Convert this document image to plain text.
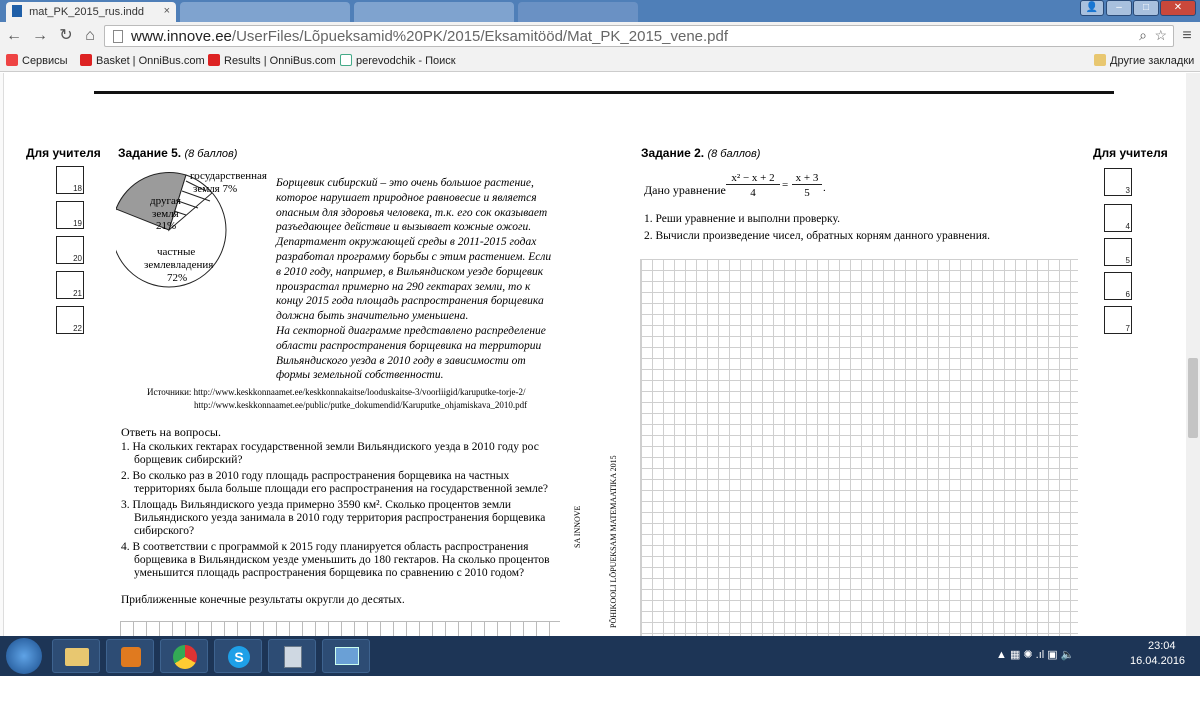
mat_PK_2015_rus.indd ×	👤	–	□	✕
← → ↻ ⌂	www.innove.ee/UserFiles/Lõpueksamid%20PK/2015/Eksamitööd/Mat_PK_2015_vene.pdf	⌕ ☆ ≡
Сервисы	Basket | OnniBus.com	Results | OnniBus.com	perevodchik - Поиск	Другие закладки
Для учителя Задание 5. (8 баллов)
18
19
20
21
22
государственная
земля 7%
другая
земля
21%
частные
землевладения
72%
Борщевик сибирский – это очень большое растение,
которое нарушает природное равновесие и является
опасным для здоровья человека, т.к. его сок оказывает
разъедающее действие и вызывает кожные ожоги.
Департамент окружающей среды в 2011-2015 годах
разработал программу борьбы с этим растением. Если
в 2010 году, например, в Вильяндиском уезде борщевик
произрастал примерно на 290 гектарах земли, то к
концу 2015 года площадь распространения борщевика
должна быть значительно уменьшена.
На секторной диаграмме представлено распределение
области распространения борщевика на территории
Вильяндиского уезда в 2010 году в зависимости от
формы земельной собственности.
Источники: http://www.keskkonnaamet.ee/keskkonnakaitse/looduskaitse-3/voorliigid/karuputke-torje-2/
http://www.keskkonnaamet.ee/public/putke_dokumendid/Karuputke_ohjamiskava_2010.pdf
Ответь на вопросы.
1. На скольких гектарах государственной земли Вильяндиского уезда в 2010 году рос
борщевик сибирский?
2. Во сколько раз в 2010 году площадь распространения борщевика на частных
территориях была больше площади его распространения на государственной земле?
3. Площадь Вильяндиского уезда примерно 3590 км². Сколько процентов земли
Вильяндиского уезда занимала в 2010 году территория распространения борщевика
сибирского?
4. В соответствии с программой к 2015 году планируется область распространения
борщевика в Вильяндиском уезде уменьшить до 180 гектаров. На сколько процентов
уменьшится площадь распространения борщевика по сравнению с 2010 годом?
Приближенные конечные результаты округли до десятых.
SA INNOVE	PÕHIKOOLI LÕPUEKSAM MATEMAATIKA 2015
Задание 2. (8 баллов)	Для учителя
3
4
5
6
7
Дано уравнение
x² − x + 2
4
=
x + 3
5	.
1. Реши уравнение и выполни проверку.
2. Вычисли произведение чисел, обратных корням данного уравнения.
S	▲ ▦ ✺ .ıl ▣ 🔈
23:04
16.04.2016
